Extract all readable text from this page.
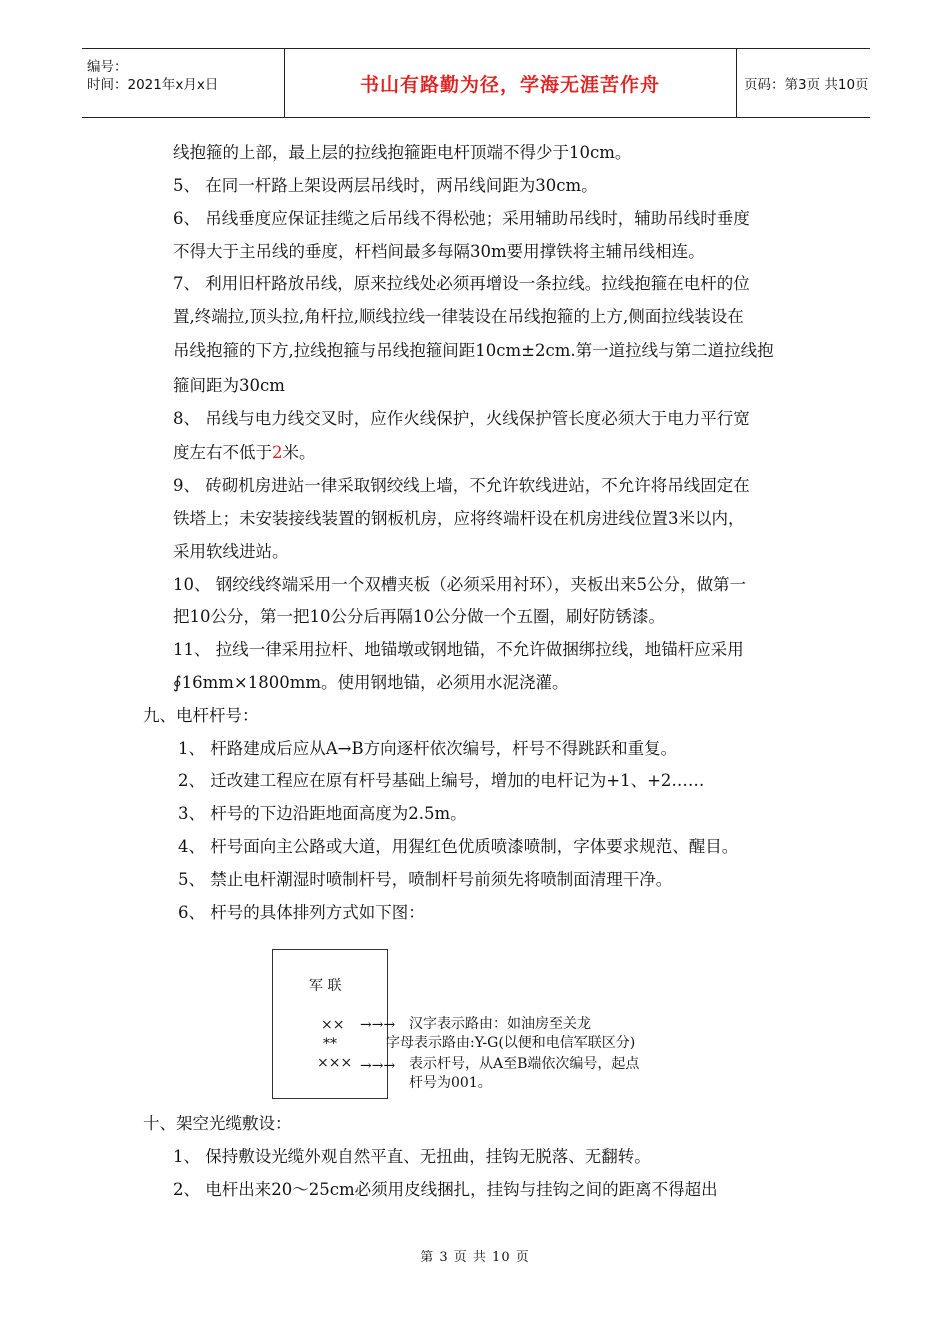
编号：
时间：2021年x月x日	书山有路勤为径，学海无涯苦作舟	页码：第3页 共10页
线抱箍的上部，最上层的拉线抱箍距电杆顶端不得少于10cm。
5、 在同一杆路上架设两层吊线时，两吊线间距为30cm。
6、 吊线垂度应保证挂缆之后吊线不得松弛；采用辅助吊线时，辅助吊线时垂度
不得大于主吊线的垂度，杆档间最多每隔30m要用撑铁将主辅吊线相连。
7、 利用旧杆路放吊线，原来拉线处必须再增设一条拉线。拉线抱箍在电杆的位
置,终端拉,顶头拉,角杆拉,顺线拉线一律装设在吊线抱箍的上方,侧面拉线装设在
吊线抱箍的下方,拉线抱箍与吊线抱箍间距10cm±2cm.第一道拉线与第二道拉线抱
箍间距为30cm
8、 吊线与电力线交叉时，应作火线保护，火线保护管长度必须大于电力平行宽
度左右不低于2米。
9、 砖砌机房进站一律采取钢绞线上墙，不允许软线进站，不允许将吊线固定在
铁塔上；未安装接线装置的钢板机房，应将终端杆设在机房进线位置3米以内，
采用软线进站。
10、 钢绞线终端采用一个双槽夹板（必须采用衬环），夹板出来5公分，做第一
把10公分，第一把10公分后再隔10公分做一个五圈，刷好防锈漆。
11、 拉线一律采用拉杆、地锚墩或钢地锚，不允许做捆绑拉线，地锚杆应采用
∮16mm×1800mm。使用钢地锚，必须用水泥浇灌。
九、电杆杆号：
1、 杆路建成后应从A→B方向逐杆依次编号，杆号不得跳跃和重复。
2、 迁改建工程应在原有杆号基础上编号，增加的电杆记为+1、+2……
3、 杆号的下边沿距地面高度为2.5m。
4、 杆号面向主公路或大道，用猩红色优质喷漆喷制，字体要求规范、醒目。
5、 禁止电杆潮湿时喷制杆号，喷制杆号前须先将喷制面清理干净。
6、 杆号的具体排列方式如下图：
军 联
×× →→→ 汉字表示路由：如油房至关龙
**	字母表示路由:Y-G(以便和电信军联区分)
××× →→→ 表示杆号，从A至B端依次编号，起点
杆号为001。
十、架空光缆敷设：
1、 保持敷设光缆外观自然平直、无扭曲，挂钩无脱落、无翻转。
2、 电杆出来20～25cm必须用皮线捆扎，挂钩与挂钩之间的距离不得超出
第 3 页 共 10 页
